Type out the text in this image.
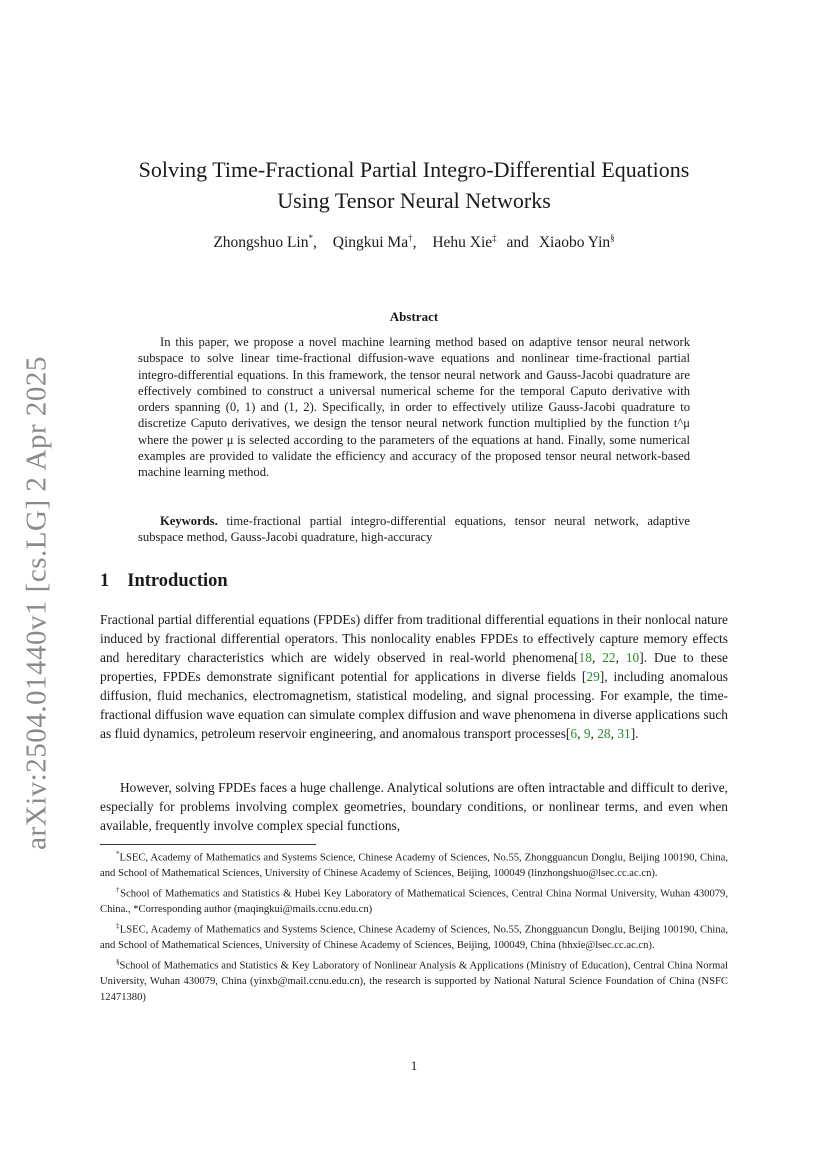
arXiv:2504.01440v1 [cs.LG] 2 Apr 2025
Solving Time-Fractional Partial Integro-Differential Equations
Using Tensor Neural Networks
Zhongshuo Lin*, Qingkui Ma†, Hehu Xie‡ and Xiaobo Yin§
Abstract

In this paper, we propose a novel machine learning method based on adaptive tensor neural network subspace to solve linear time-fractional diffusion-wave equations and nonlinear time-fractional partial integro-differential equations. In this framework, the tensor neural network and Gauss-Jacobi quadrature are effectively combined to construct a universal numerical scheme for the temporal Caputo derivative with orders spanning (0, 1) and (1, 2). Specifically, in order to effectively utilize Gauss-Jacobi quadrature to discretize Caputo derivatives, we design the tensor neural network function multiplied by the function t^μ where the power μ is selected according to the parameters of the equations at hand. Finally, some numerical examples are provided to validate the efficiency and accuracy of the proposed tensor neural network-based machine learning method.

Keywords. time-fractional partial integro-differential equations, tensor neural network, adaptive subspace method, Gauss-Jacobi quadrature, high-accuracy

1 Introduction

Fractional partial differential equations (FPDEs) differ from traditional differential equations in their nonlocal nature induced by fractional differential operators. This nonlocality enables FPDEs to effectively capture memory effects and hereditary characteristics which are widely observed in real-world phenomena[18, 22, 10]. Due to these properties, FPDEs demonstrate significant potential for applications in diverse fields [29], including anomalous diffusion, fluid mechanics, electromagnetism, statistical modeling, and signal processing. For example, the time-fractional diffusion wave equation can simulate complex diffusion and wave phenomena in diverse applications such as fluid dynamics, petroleum reservoir engineering, and anomalous transport processes[6, 9, 28, 31].

However, solving FPDEs faces a huge challenge. Analytical solutions are often intractable and difficult to derive, especially for problems involving complex geometries, boundary conditions, or nonlinear terms, and even when available, frequently involve complex special functions,

*LSEC, Academy of Mathematics and Systems Science, Chinese Academy of Sciences, No.55, Zhongguancun Donglu, Beijing 100190, China, and School of Mathematical Sciences, University of Chinese Academy of Sciences, Beijing, 100049 (linzhongshuo@lsec.cc.ac.cn).

†School of Mathematics and Statistics & Hubei Key Laboratory of Mathematical Sciences, Central China Normal University, Wuhan 430079, China., *Corresponding author (maqingkui@mails.ccnu.edu.cn)

‡LSEC, Academy of Mathematics and Systems Science, Chinese Academy of Sciences, No.55, Zhongguancun Donglu, Beijing 100190, China, and School of Mathematical Sciences, University of Chinese Academy of Sciences, Beijing, 100049, China (hhxie@lsec.cc.ac.cn).

§School of Mathematics and Statistics & Key Laboratory of Nonlinear Analysis & Applications (Ministry of Education), Central China Normal University, Wuhan 430079, China (yinxb@mail.ccnu.edu.cn), the research is supported by National Natural Science Foundation of China (NSFC 12471380)

1
